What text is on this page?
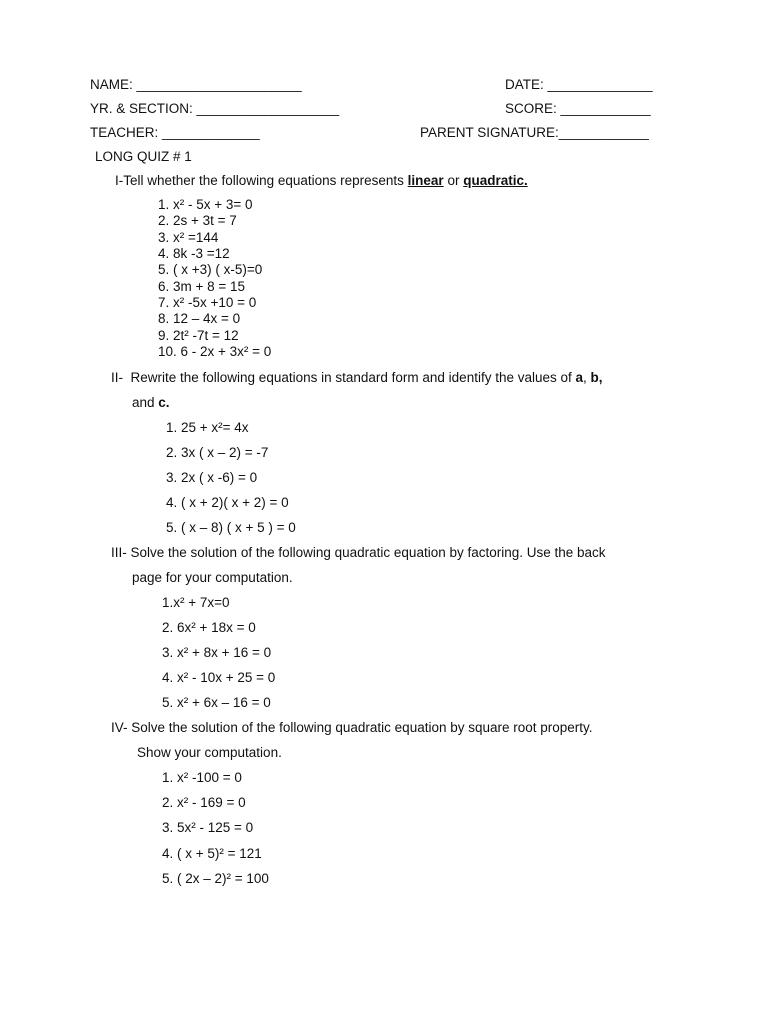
NAME: ______________________	DATE: ______________
YR. & SECTION: ___________________	SCORE: ____________
TEACHER: _____________	PARENT SIGNATURE:____________
LONG QUIZ # 1
I-Tell whether the following equations represents linear or quadratic.
1. x² - 5x + 3= 0
2. 2s + 3t = 7
3. x² =144
4. 8k -3 =12
5. ( x +3) ( x-5)=0
6. 3m + 8 = 15
7. x² -5x +10 = 0
8. 12 – 4x = 0
9. 2t² -7t = 12
10. 6 - 2x + 3x² = 0
II-  Rewrite the following equations in standard form and identify the values of a, b,
and c.
1. 25 + x²= 4x
2. 3x ( x – 2) = -7
3. 2x ( x -6) = 0
4. ( x + 2)( x + 2) = 0
5. ( x – 8) ( x + 5 ) = 0
III- Solve the solution of the following quadratic equation by factoring. Use the back
page for your computation.
1.x² + 7x=0
2. 6x² + 18x = 0
3. x² + 8x + 16 = 0
4. x² - 10x + 25 = 0
5. x² + 6x – 16 = 0
IV- Solve the solution of the following quadratic equation by square root property.
Show your computation.
1. x² -100 = 0
2. x² - 169 = 0
3. 5x² - 125 = 0
4. ( x + 5)² = 121
5. ( 2x – 2)² = 100
